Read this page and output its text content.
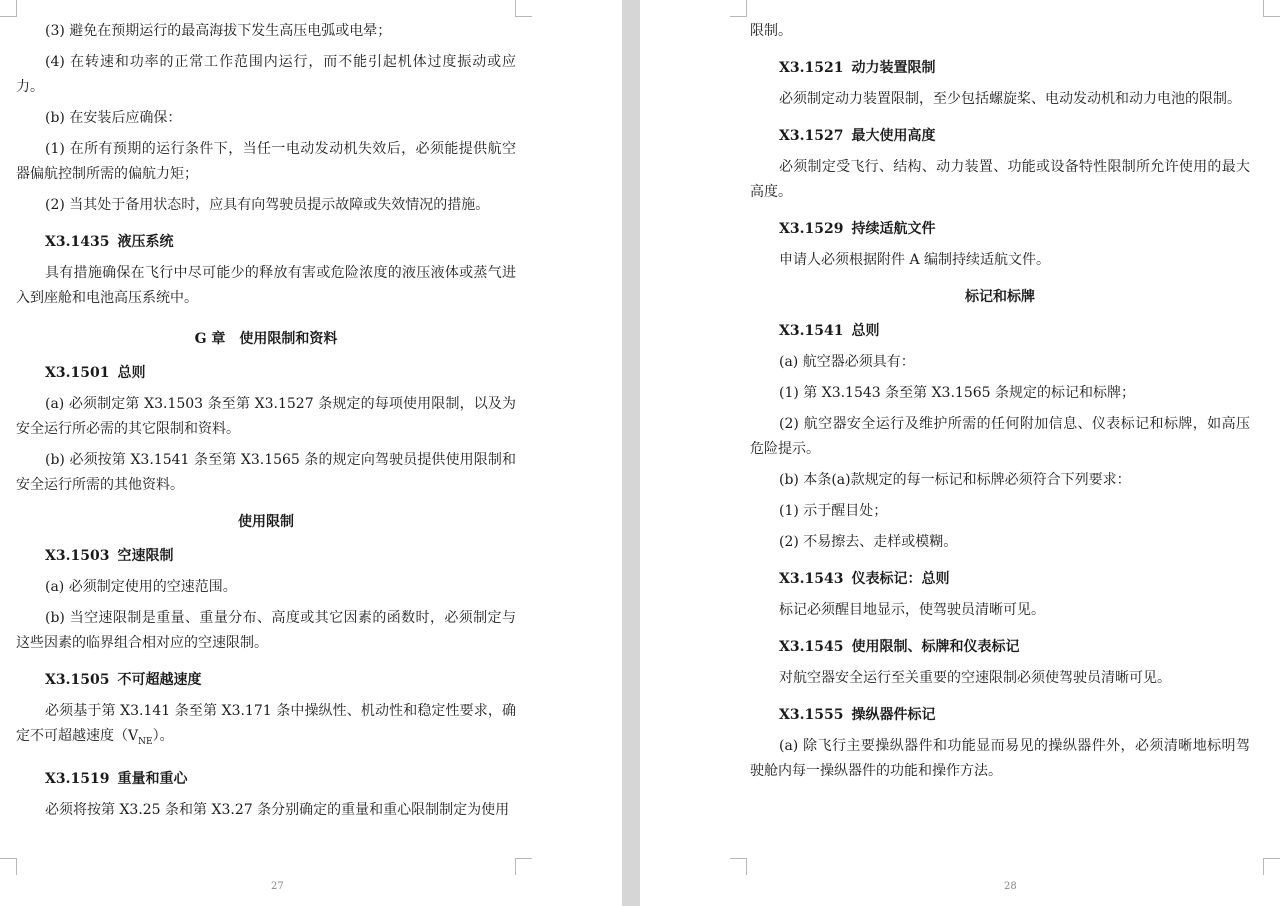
(3) 避免在预期运行的最高海拔下发生高压电弧或电晕；

(4) 在转速和功率的正常工作范围内运行，而不能引起机体过度振动或应力。

(b) 在安装后应确保：

(1) 在所有预期的运行条件下，当任一电动发动机失效后，必须能提供航空器偏航控制所需的偏航力矩；

(2) 当其处于备用状态时，应具有向驾驶员提示故障或失效情况的措施。

X3.1435 液压系统

具有措施确保在飞行中尽可能少的释放有害或危险浓度的液压液体或蒸气进入到座舱和电池高压系统中。

G 章　使用限制和资料
X3.1501 总则

(a) 必须制定第 X3.1503 条至第 X3.1527 条规定的每项使用限制，以及为安全运行所必需的其它限制和资料。

(b) 必须按第 X3.1541 条至第 X3.1565 条的规定向驾驶员提供使用限制和安全运行所需的其他资料。

使用限制
X3.1503 空速限制

(a) 必须制定使用的空速范围。

(b) 当空速限制是重量、重量分布、高度或其它因素的函数时，必须制定与这些因素的临界组合相对应的空速限制。

X3.1505 不可超越速度

必须基于第 X3.141 条至第 X3.171 条中操纵性、机动性和稳定性要求，确定不可超越速度$(V_{NE})$。

X3.1519 重量和重心

必须将按第 X3.25 条和第 X3.27 条分别确定的重量和重心限制制定为使用

27

限制。

X3.1521 动力装置限制

必须制定动力装置限制，至少包括螺旋桨、电动发动机和动力电池的限制。

X3.1527 最大使用高度

必须制定受飞行、结构、动力装置、功能或设备特性限制所允许使用的最大高度。

X3.1529 持续适航文件

申请人必须根据附件 A 编制持续适航文件。

标记和标牌
X3.1541 总则

(a) 航空器必须具有：

(1) 第 X3.1543 条至第 X3.1565 条规定的标记和标牌；

(2) 航空器安全运行及维护所需的任何附加信息、仪表标记和标牌，如高压危险提示。

(b) 本条(a)款规定的每一标记和标牌必须符合下列要求：

(1) 示于醒目处；

(2) 不易擦去、走样或模糊。

X3.1543 仪表标记：总则

标记必须醒目地显示，使驾驶员清晰可见。

X3.1545 使用限制、标牌和仪表标记

对航空器安全运行至关重要的空速限制必须使驾驶员清晰可见。

X3.1555 操纵器件标记

(a) 除飞行主要操纵器件和功能显而易见的操纵器件外，必须清晰地标明驾驶舱内每一操纵器件的功能和操作方法。

28
